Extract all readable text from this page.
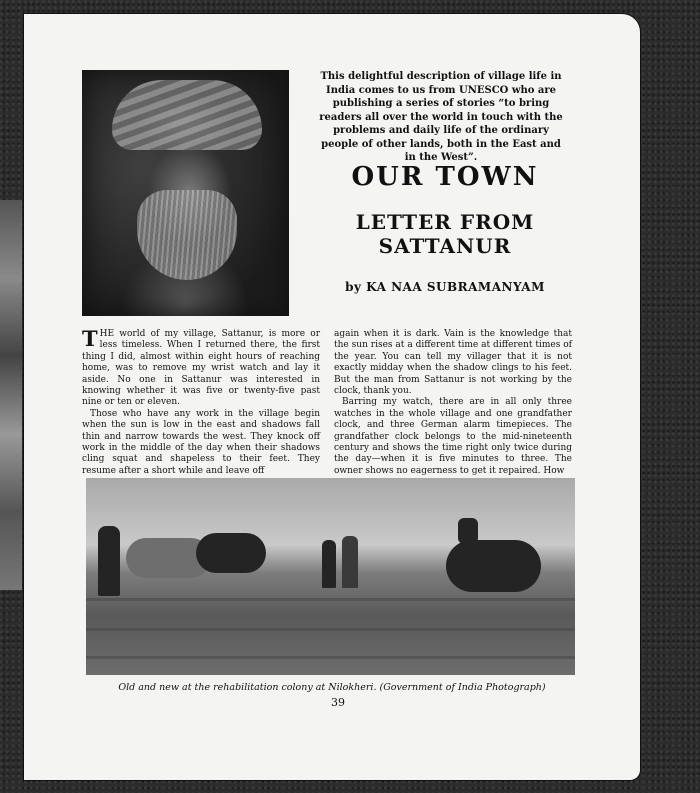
This delightful description of village life in India comes to us from UNESCO who are publishing a series of stories “to bring readers all over the world in touch with the problems and daily life of the ordinary people of other lands, both in the East and in the West”.

OUR TOWN
LETTER FROM SATTANUR

by KA NAA SUBRAMANYAM

THE world of my village, Sattanur, is more or less timeless. When I returned there, the first thing I did, almost within eight hours of reaching home, was to remove my wrist watch and lay it aside. No one in Sattanur was interested in knowing whether it was five or twenty-five past nine or ten or eleven.

Those who have any work in the village begin when the sun is low in the east and shadows fall thin and narrow towards the west. They knock off work in the middle of the day when their shadows cling squat and shapeless to their feet. They resume after a short while and leave off

again when it is dark. Vain is the knowledge that the sun rises at a different time at different times of the year. You can tell my villager that it is not exactly midday when the shadow clings to his feet. But the man from Sattanur is not working by the clock, thank you.

Barring my watch, there are in all only three watches in the whole village and one grandfather clock, and three German alarm timepieces. The grandfather clock belongs to the mid-nineteenth century and shows the time right only twice during the day—when it is five minutes to three. The owner shows no eagerness to get it repaired. How

Old and new at the rehabilitation colony at Nilokheri. (Government of India Photograph)

39
